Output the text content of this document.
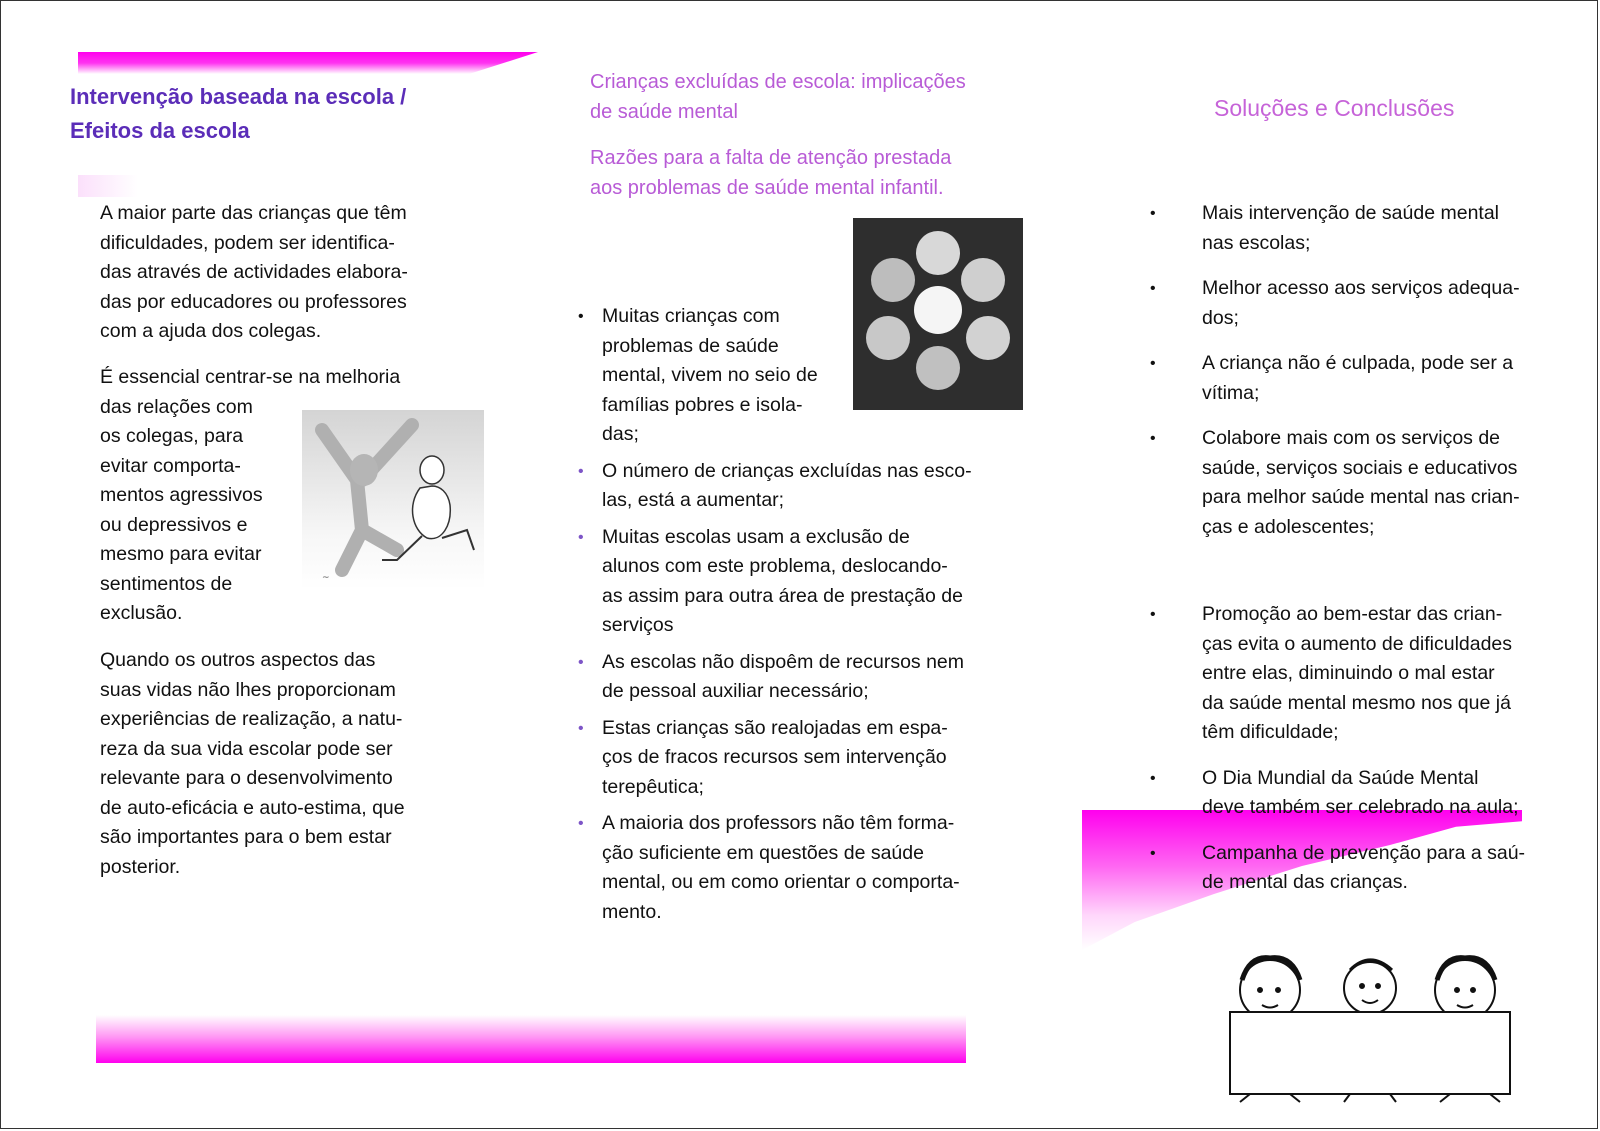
Intervenção baseada na escola /
Efeitos da escola
A maior parte das crianças que têm
dificuldades, podem ser identifica-
das através de actividades elabora-
das por educadores ou professores
com a ajuda dos colegas.
É essencial centrar-se na melhoria
das relações com
os colegas, para
evitar comporta-
mentos agressivos
ou depressivos e
mesmo para evitar
sentimentos de
exclusão.
~
Quando os outros aspectos das
suas vidas não lhes proporcionam
experiências de realização, a natu-
reza da sua vida escolar pode ser
relevante para o desenvolvimento
de auto-eficácia e auto-estima, que
são importantes para o bem estar
posterior.
Crianças excluídas de escola: implicações
de saúde mental
Razões para a falta de atenção prestada
aos problemas de saúde mental infantil.
• Muitas crianças com
problemas de saúde
mental, vivem no seio de
famílias pobres e isola-
das;
• O número de crianças excluídas nas esco-
las, está a aumentar;
• Muitas escolas usam a exclusão de
alunos com este problema, deslocando-
as assim para outra área de prestação de
serviços
• As escolas não dispoêm de recursos nem
de pessoal auxiliar necessário;
• Estas crianças são realojadas em espa-
ços de fracos recursos sem intervenção
terepêutica;
• A maioria dos professors não têm forma-
ção suficiente em questões de saúde
mental, ou em como orientar o comporta-
mento.
Soluções e Conclusões
• Mais intervenção de saúde mental
nas escolas;
• Melhor acesso aos serviços adequa-
dos;
• A criança não é culpada, pode ser a
vítima;
• Colabore mais com os serviços de
saúde, serviços sociais e educativos
para melhor saúde mental nas crian-
ças e adolescentes;
• Promoção ao bem-estar das crian-
ças evita o aumento de dificuldades
entre elas, diminuindo o mal estar
da saúde mental mesmo nos que já
têm dificuldade;
• O Dia Mundial da Saúde Mental
deve também ser celebrado na aula;
• Campanha de prevenção para a saú-
de mental das crianças.
